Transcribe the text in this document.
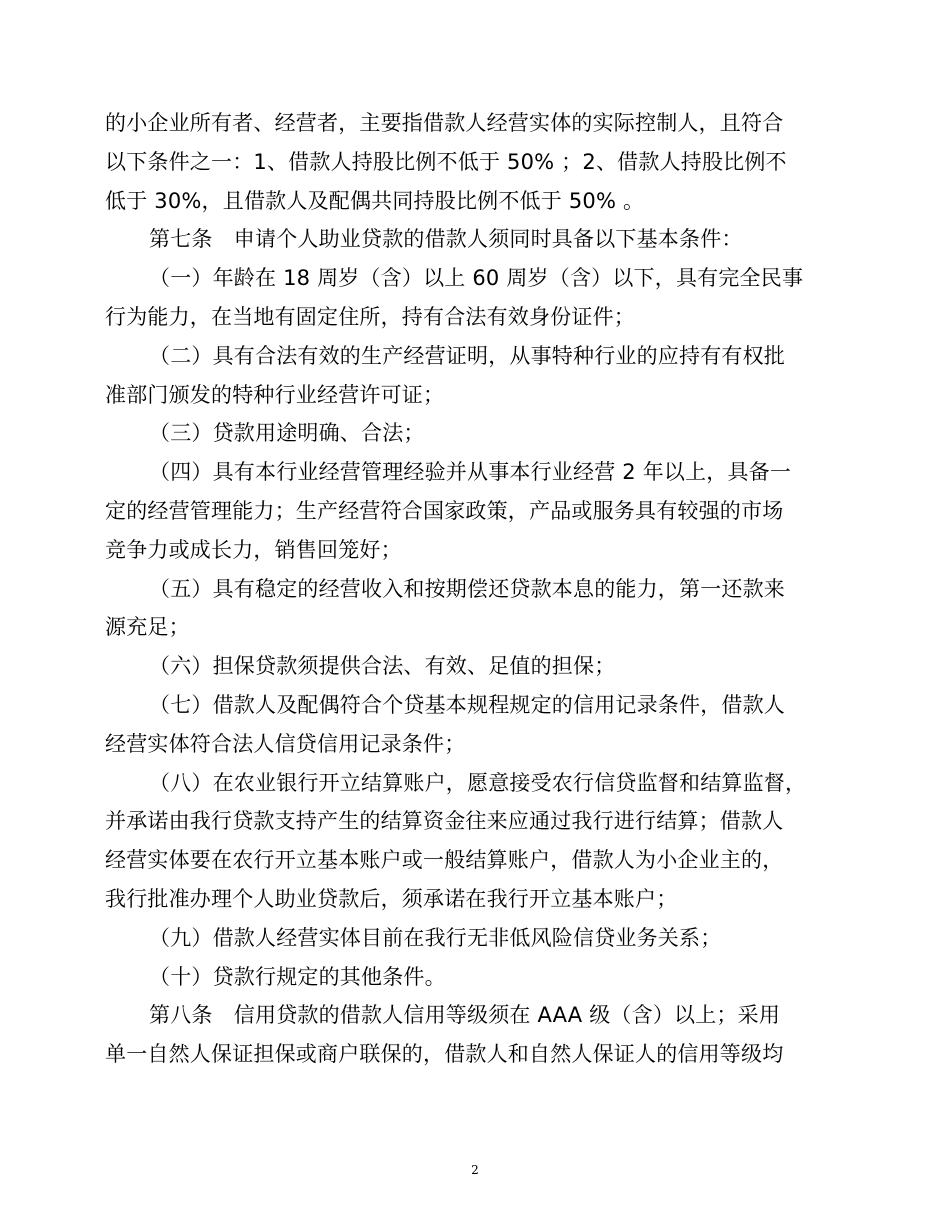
的小企业所有者、经营者，主要指借款人经营实体的实际控制人，且符合
以下条件之一：1、借款人持股比例不低于 50% ；2、借款人持股比例不
低于 30%，且借款人及配偶共同持股比例不低于 50% 。
第七条　申请个人助业贷款的借款人须同时具备以下基本条件：
（一）年龄在 18 周岁（含）以上 60 周岁（含）以下，具有完全民事
行为能力，在当地有固定住所，持有合法有效身份证件；
（二）具有合法有效的生产经营证明，从事特种行业的应持有有权批
准部门颁发的特种行业经营许可证；
（三）贷款用途明确、合法；
（四）具有本行业经营管理经验并从事本行业经营 2 年以上，具备一
定的经营管理能力；生产经营符合国家政策，产品或服务具有较强的市场
竞争力或成长力，销售回笼好；
（五）具有稳定的经营收入和按期偿还贷款本息的能力，第一还款来
源充足；
（六）担保贷款须提供合法、有效、足值的担保；
（七）借款人及配偶符合个贷基本规程规定的信用记录条件，借款人
经营实体符合法人信贷信用记录条件；
（八）在农业银行开立结算账户，愿意接受农行信贷监督和结算监督，
并承诺由我行贷款支持产生的结算资金往来应通过我行进行结算；借款人
经营实体要在农行开立基本账户或一般结算账户，借款人为小企业主的，
我行批准办理个人助业贷款后，须承诺在我行开立基本账户；
（九）借款人经营实体目前在我行无非低风险信贷业务关系；
（十）贷款行规定的其他条件。
第八条　信用贷款的借款人信用等级须在 AAA 级（含）以上；采用
单一自然人保证担保或商户联保的，借款人和自然人保证人的信用等级均
2
